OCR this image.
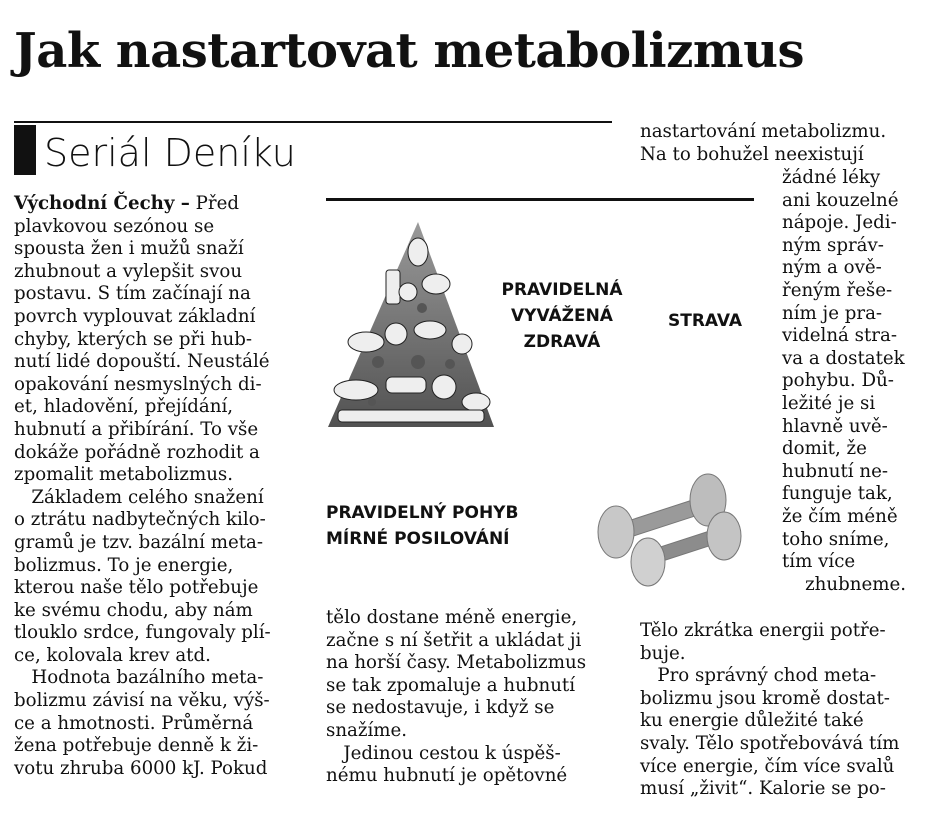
Jak nastartovat metabolizmus
Seriál Deníku
Východní Čechy – Před
plavkovou sezónou se
spousta žen i mužů snaží
zhubnout a vylepšit svou
postavu. S tím začínají na
povrch vyplouvat základní
chyby, kterých se při hub-
nutí lidé dopouští. Neustálé
opakování nesmyslných di-
et, hladovění, přejídání,
hubnutí a přibírání. To vše
dokáže pořádně rozhodit a
zpomalit metabolizmus.
Základem celého snažení
o ztrátu nadbytečných kilo-
gramů je tzv. bazální meta-
bolizmus. To je energie,
kterou naše tělo potřebuje
ke svému chodu, aby nám
tlouklo srdce, fungovaly plí-
ce, kolovala krev atd.
Hodnota bazálního meta-
bolizmu závisí na věku, výš-
ce a hmotnosti. Průměrná
žena potřebuje denně k ži-
votu zhruba 6000 kJ. Pokud
PRAVIDELNÁ
VYVÁŽENÁ
ZDRAVÁ
STRAVA
PRAVIDELNÝ POHYB
MÍRNÉ POSILOVÁNÍ
tělo dostane méně energie,
začne s ní šetřit a ukládat ji
na horší časy. Metabolizmus
se tak zpomaluje a hubnutí
se nedostavuje, i když se
snažíme.
Jedinou cestou k úspěš-
nému hubnutí je opětovné
nastartování metabolizmu.
Na to bohužel neexistují
žádné léky
ani kouzelné
nápoje. Jedi-
ným správ-
ným a ově-
řeným řeše-
ním je pra-
videlná stra-
va a dostatek
pohybu. Dů-
ležité je si
hlavně uvě-
domit, že
hubnutí ne-
funguje tak,
že čím méně
toho sníme,
tím více
zhubneme.
Tělo zkrátka energii potře-
buje.
Pro správný chod meta-
bolizmu jsou kromě dostat-
ku energie důležité také
svaly. Tělo spotřebovává tím
více energie, čím více svalů
musí „živit“. Kalorie se po-
